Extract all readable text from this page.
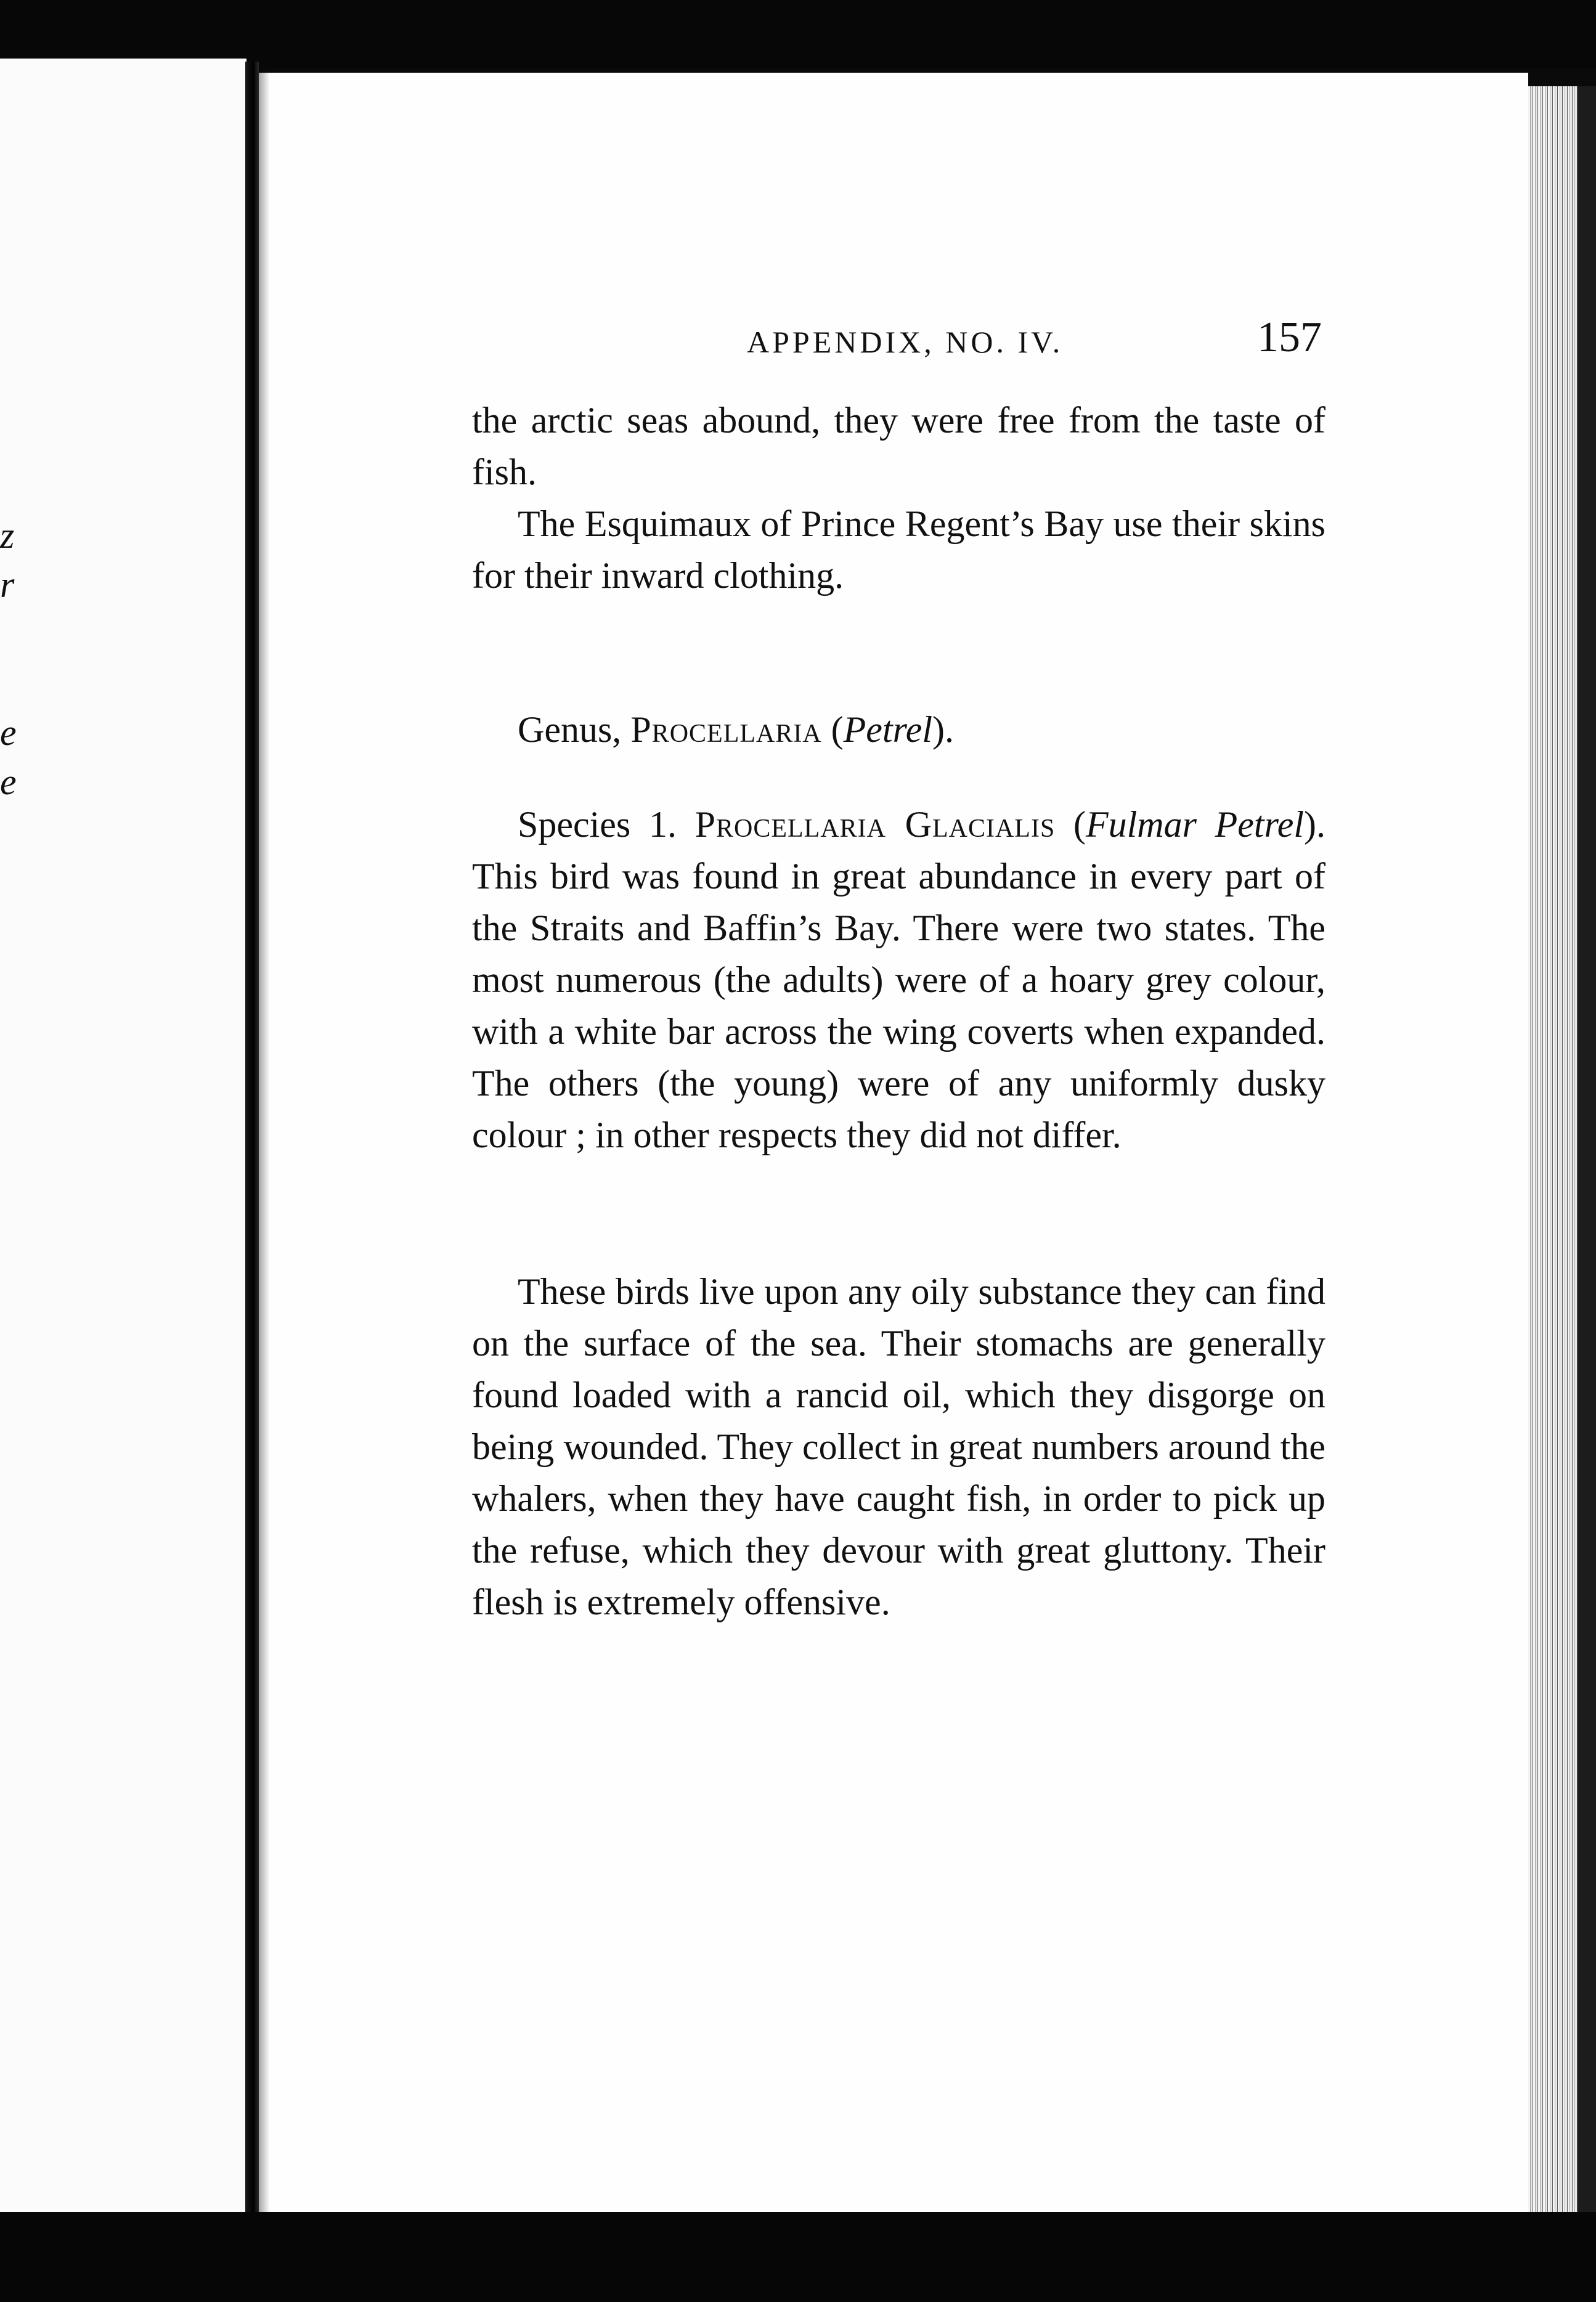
z
r
e
e
APPENDIX, NO. IV.	157

the arctic seas abound, they were free from the taste of fish.

The Esquimaux of Prince Regent’s Bay use their skins for their inward clothing.

Genus, Procellaria (Petrel).

Species 1. Procellaria Glacialis (Fulmar Petrel). This bird was found in great abundance in every part of the Straits and Baffin’s Bay. There were two states. The most numerous (the adults) were of a hoary grey colour, with a white bar across the wing coverts when expanded. The others (the young) were of any uniformly dusky colour ; in other respects they did not differ.

These birds live upon any oily substance they can find on the surface of the sea. Their stomachs are generally found loaded with a rancid oil, which they disgorge on being wounded. They collect in great numbers around the whalers, when they have caught fish, in order to pick up the refuse, which they devour with great gluttony. Their flesh is extremely offensive.
